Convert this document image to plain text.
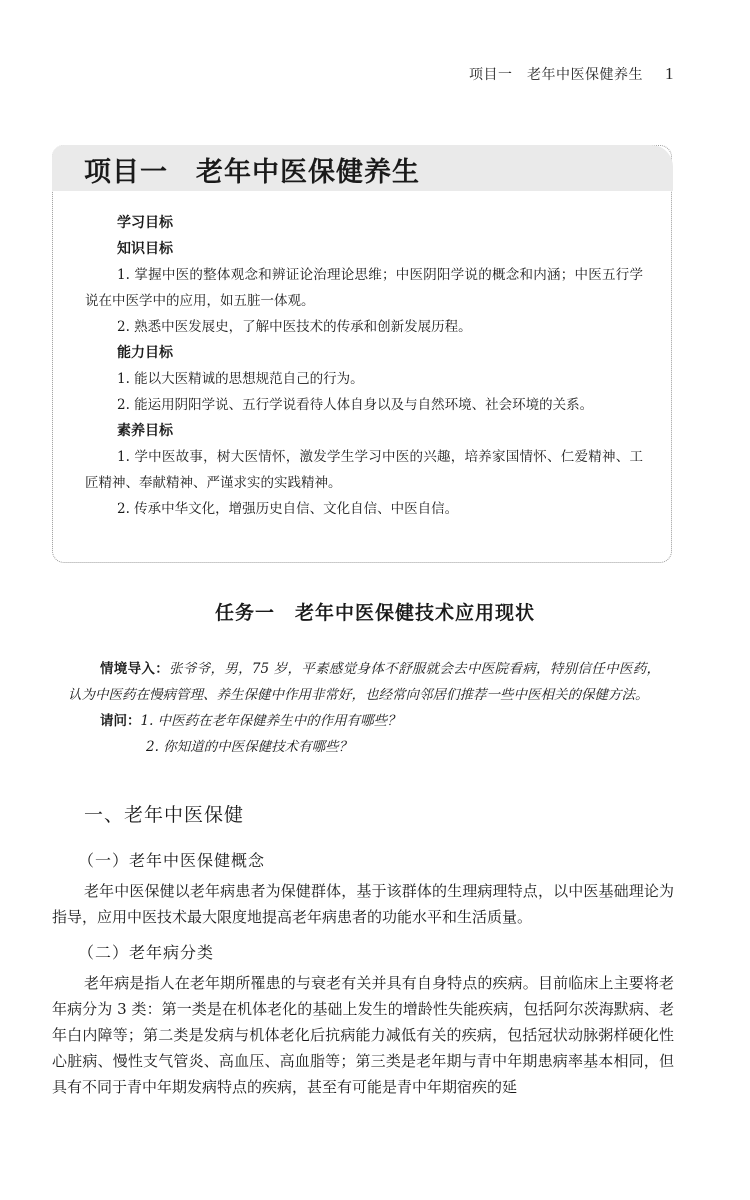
项目一　老年中医保健养生 1
项目一　老年中医保健养生
学习目标
知识目标
1. 掌握中医的整体观念和辨证论治理论思维；中医阴阳学说的概念和内涵；中医五行学说在中医学中的应用，如五脏一体观。
2. 熟悉中医发展史，了解中医技术的传承和创新发展历程。
能力目标
1. 能以大医精诚的思想规范自己的行为。
2. 能运用阴阳学说、五行学说看待人体自身以及与自然环境、社会环境的关系。
素养目标
1. 学中医故事，树大医情怀，激发学生学习中医的兴趣，培养家国情怀、仁爱精神、工匠精神、奉献精神、严谨求实的实践精神。
2. 传承中华文化，增强历史自信、文化自信、中医自信。
任务一　老年中医保健技术应用现状

情境导入：张爷爷，男，75 岁，平素感觉身体不舒服就会去中医院看病，特别信任中医药，认为中医药在慢病管理、养生保健中作用非常好，也经常向邻居们推荐一些中医相关的保健方法。

请问：1. 中医药在老年保健养生中的作用有哪些？
2. 你知道的中医保健技术有哪些？
一、老年中医保健
（一）老年中医保健概念

老年中医保健以老年病患者为保健群体，基于该群体的生理病理特点，以中医基础理论为指导，应用中医技术最大限度地提高老年病患者的功能水平和生活质量。

（二）老年病分类

老年病是指人在老年期所罹患的与衰老有关并具有自身特点的疾病。目前临床上主要将老年病分为 3 类：第一类是在机体老化的基础上发生的增龄性失能疾病，包括阿尔茨海默病、老年白内障等；第二类是发病与机体老化后抗病能力减低有关的疾病，包括冠状动脉粥样硬化性心脏病、慢性支气管炎、高血压、高血脂等；第三类是老年期与青中年期患病率基本相同，但具有不同于青中年期发病特点的疾病，甚至有可能是青中年期宿疾的延
